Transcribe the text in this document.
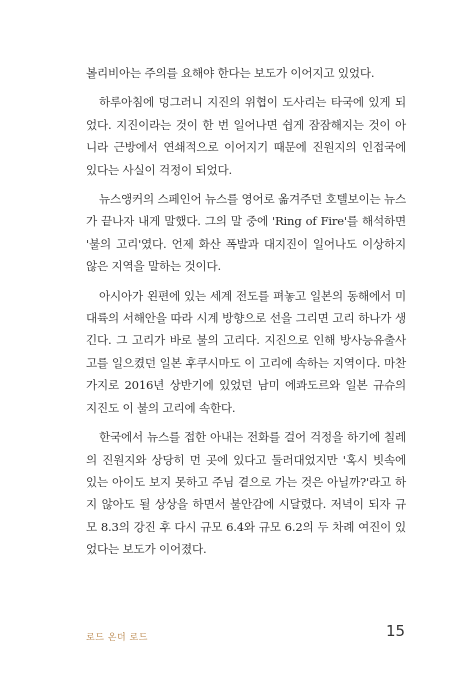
볼리비아는 주의를 요해야 한다는 보도가 이어지고 있었다.

하루아침에 덩그러니 지진의 위협이 도사리는 타국에 있게 되었다. 지진이라는 것이 한 번 일어나면 쉽게 잠잠해지는 것이 아니라 근방에서 연쇄적으로 이어지기 때문에 진원지의 인접국에 있다는 사실이 걱정이 되었다.

뉴스앵커의 스페인어 뉴스를 영어로 옮겨주던 호텔보이는 뉴스가 끝나자 내게 말했다. 그의 말 중에 'Ring of Fire'를 해석하면 '불의 고리'였다. 언제 화산 폭발과 대지진이 일어나도 이상하지 않은 지역을 말하는 것이다.

아시아가 왼편에 있는 세계 전도를 펴놓고 일본의 동해에서 미대륙의 서해안을 따라 시계 방향으로 선을 그리면 고리 하나가 생긴다. 그 고리가 바로 불의 고리다. 지진으로 인해 방사능유출사고를 일으켰던 일본 후쿠시마도 이 고리에 속하는 지역이다. 마찬가지로 2016년 상반기에 있었던 남미 에콰도르와 일본 규슈의 지진도 이 불의 고리에 속한다.

한국에서 뉴스를 접한 아내는 전화를 걸어 걱정을 하기에 칠레의 진원지와 상당히 먼 곳에 있다고 둘러대었지만 '혹시 빗속에 있는 아이도 보지 못하고 주님 곁으로 가는 것은 아닐까?'라고 하지 않아도 될 상상을 하면서 불안감에 시달렸다. 저녁이 되자 규모 8.3의 강진 후 다시 규모 6.4와 규모 6.2의 두 차례 여진이 있었다는 보도가 이어졌다.

로드 온더 로드	15
